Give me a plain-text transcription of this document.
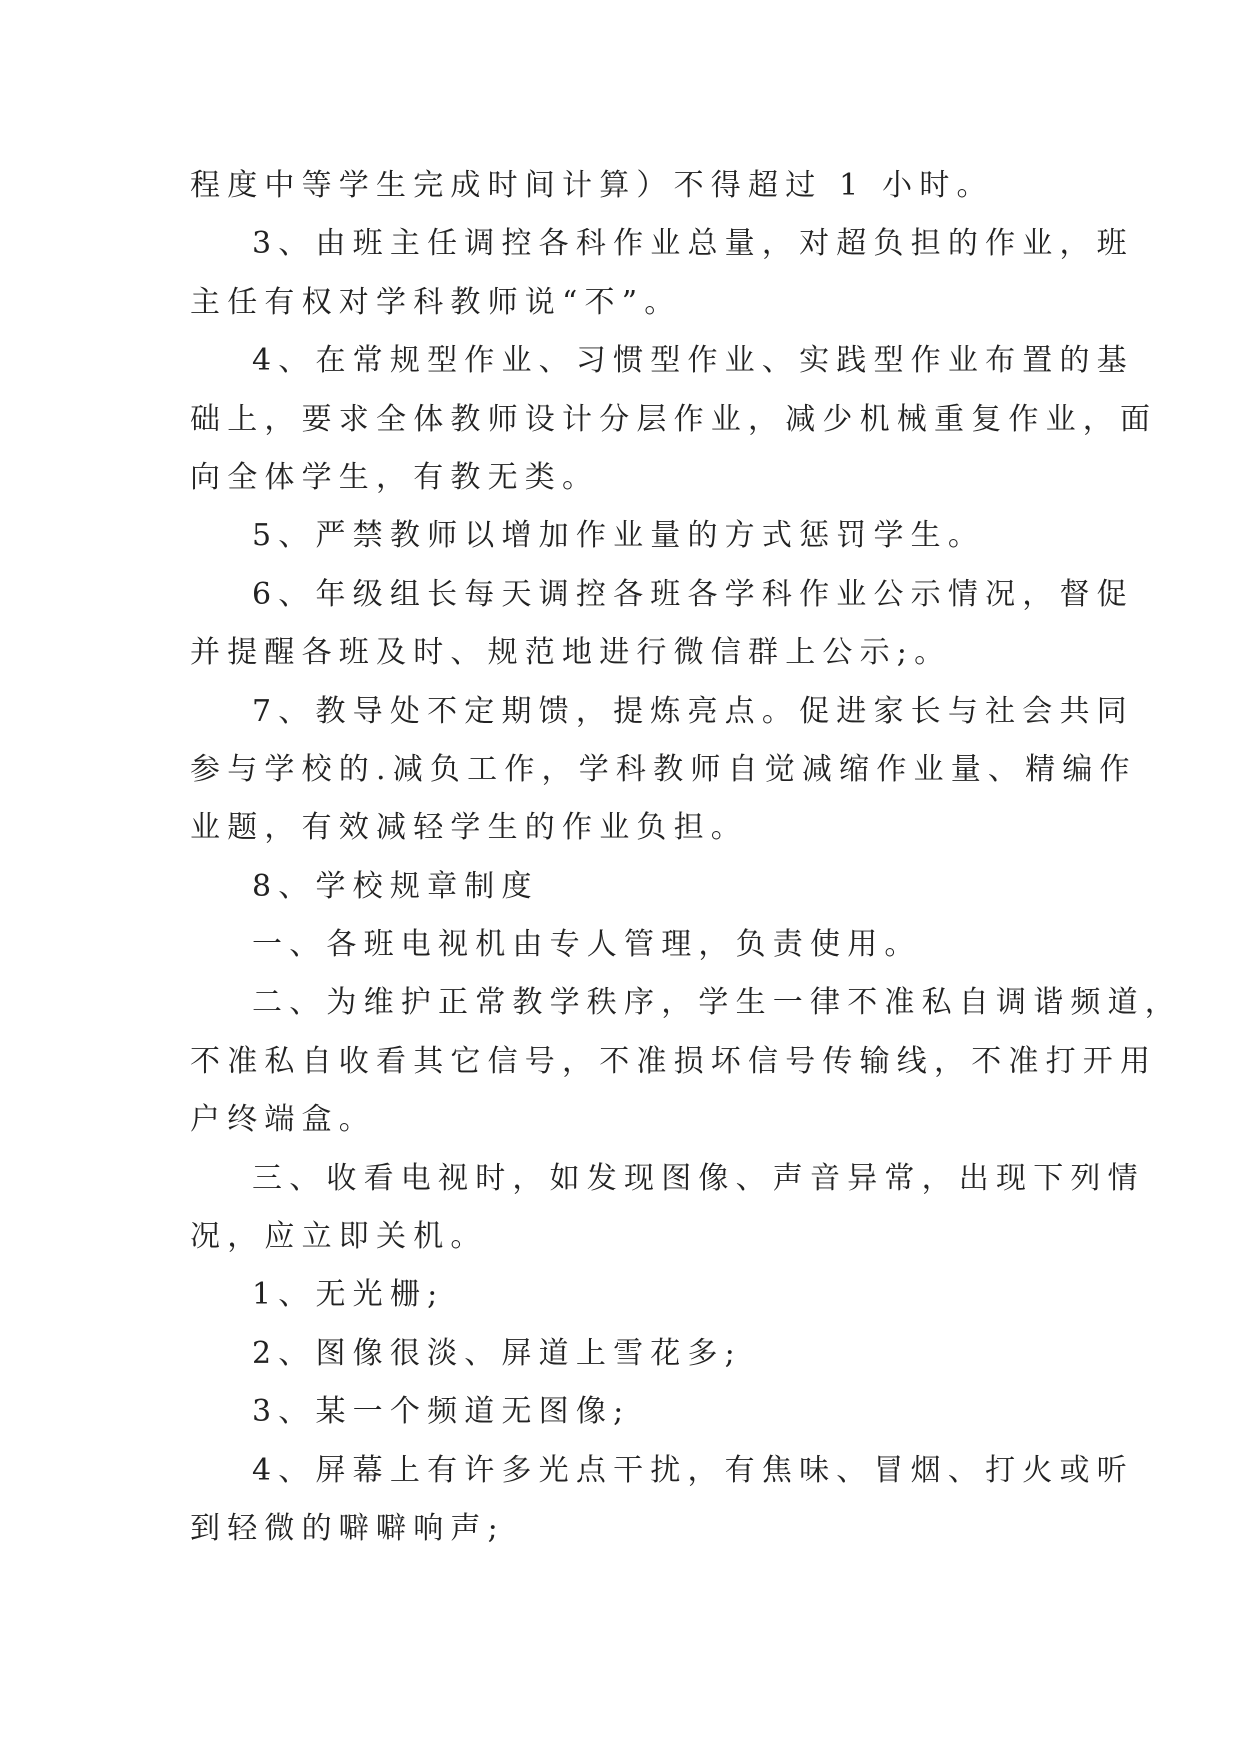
程度中等学生完成时间计算）不得超过 1 小时。
3、由班主任调控各科作业总量，对超负担的作业，班
主任有权对学科教师说“不”。
4、在常规型作业、习惯型作业、实践型作业布置的基
础上，要求全体教师设计分层作业，减少机械重复作业，面
向全体学生，有教无类。
5、严禁教师以增加作业量的方式惩罚学生。
6、年级组长每天调控各班各学科作业公示情况，督促
并提醒各班及时、规范地进行微信群上公示;。
7、教导处不定期馈，提炼亮点。促进家长与社会共同
参与学校的.减负工作，学科教师自觉减缩作业量、精编作
业题，有效减轻学生的作业负担。
8、学校规章制度
一、各班电视机由专人管理，负责使用。
二、为维护正常教学秩序，学生一律不准私自调谐频道，
不准私自收看其它信号，不准损坏信号传输线，不准打开用
户终端盒。
三、收看电视时，如发现图像、声音异常，出现下列情
况，应立即关机。
1、无光栅;
2、图像很淡、屏道上雪花多;
3、某一个频道无图像;
4、屏幕上有许多光点干扰，有焦味、冒烟、打火或听
到轻微的噼噼响声;
